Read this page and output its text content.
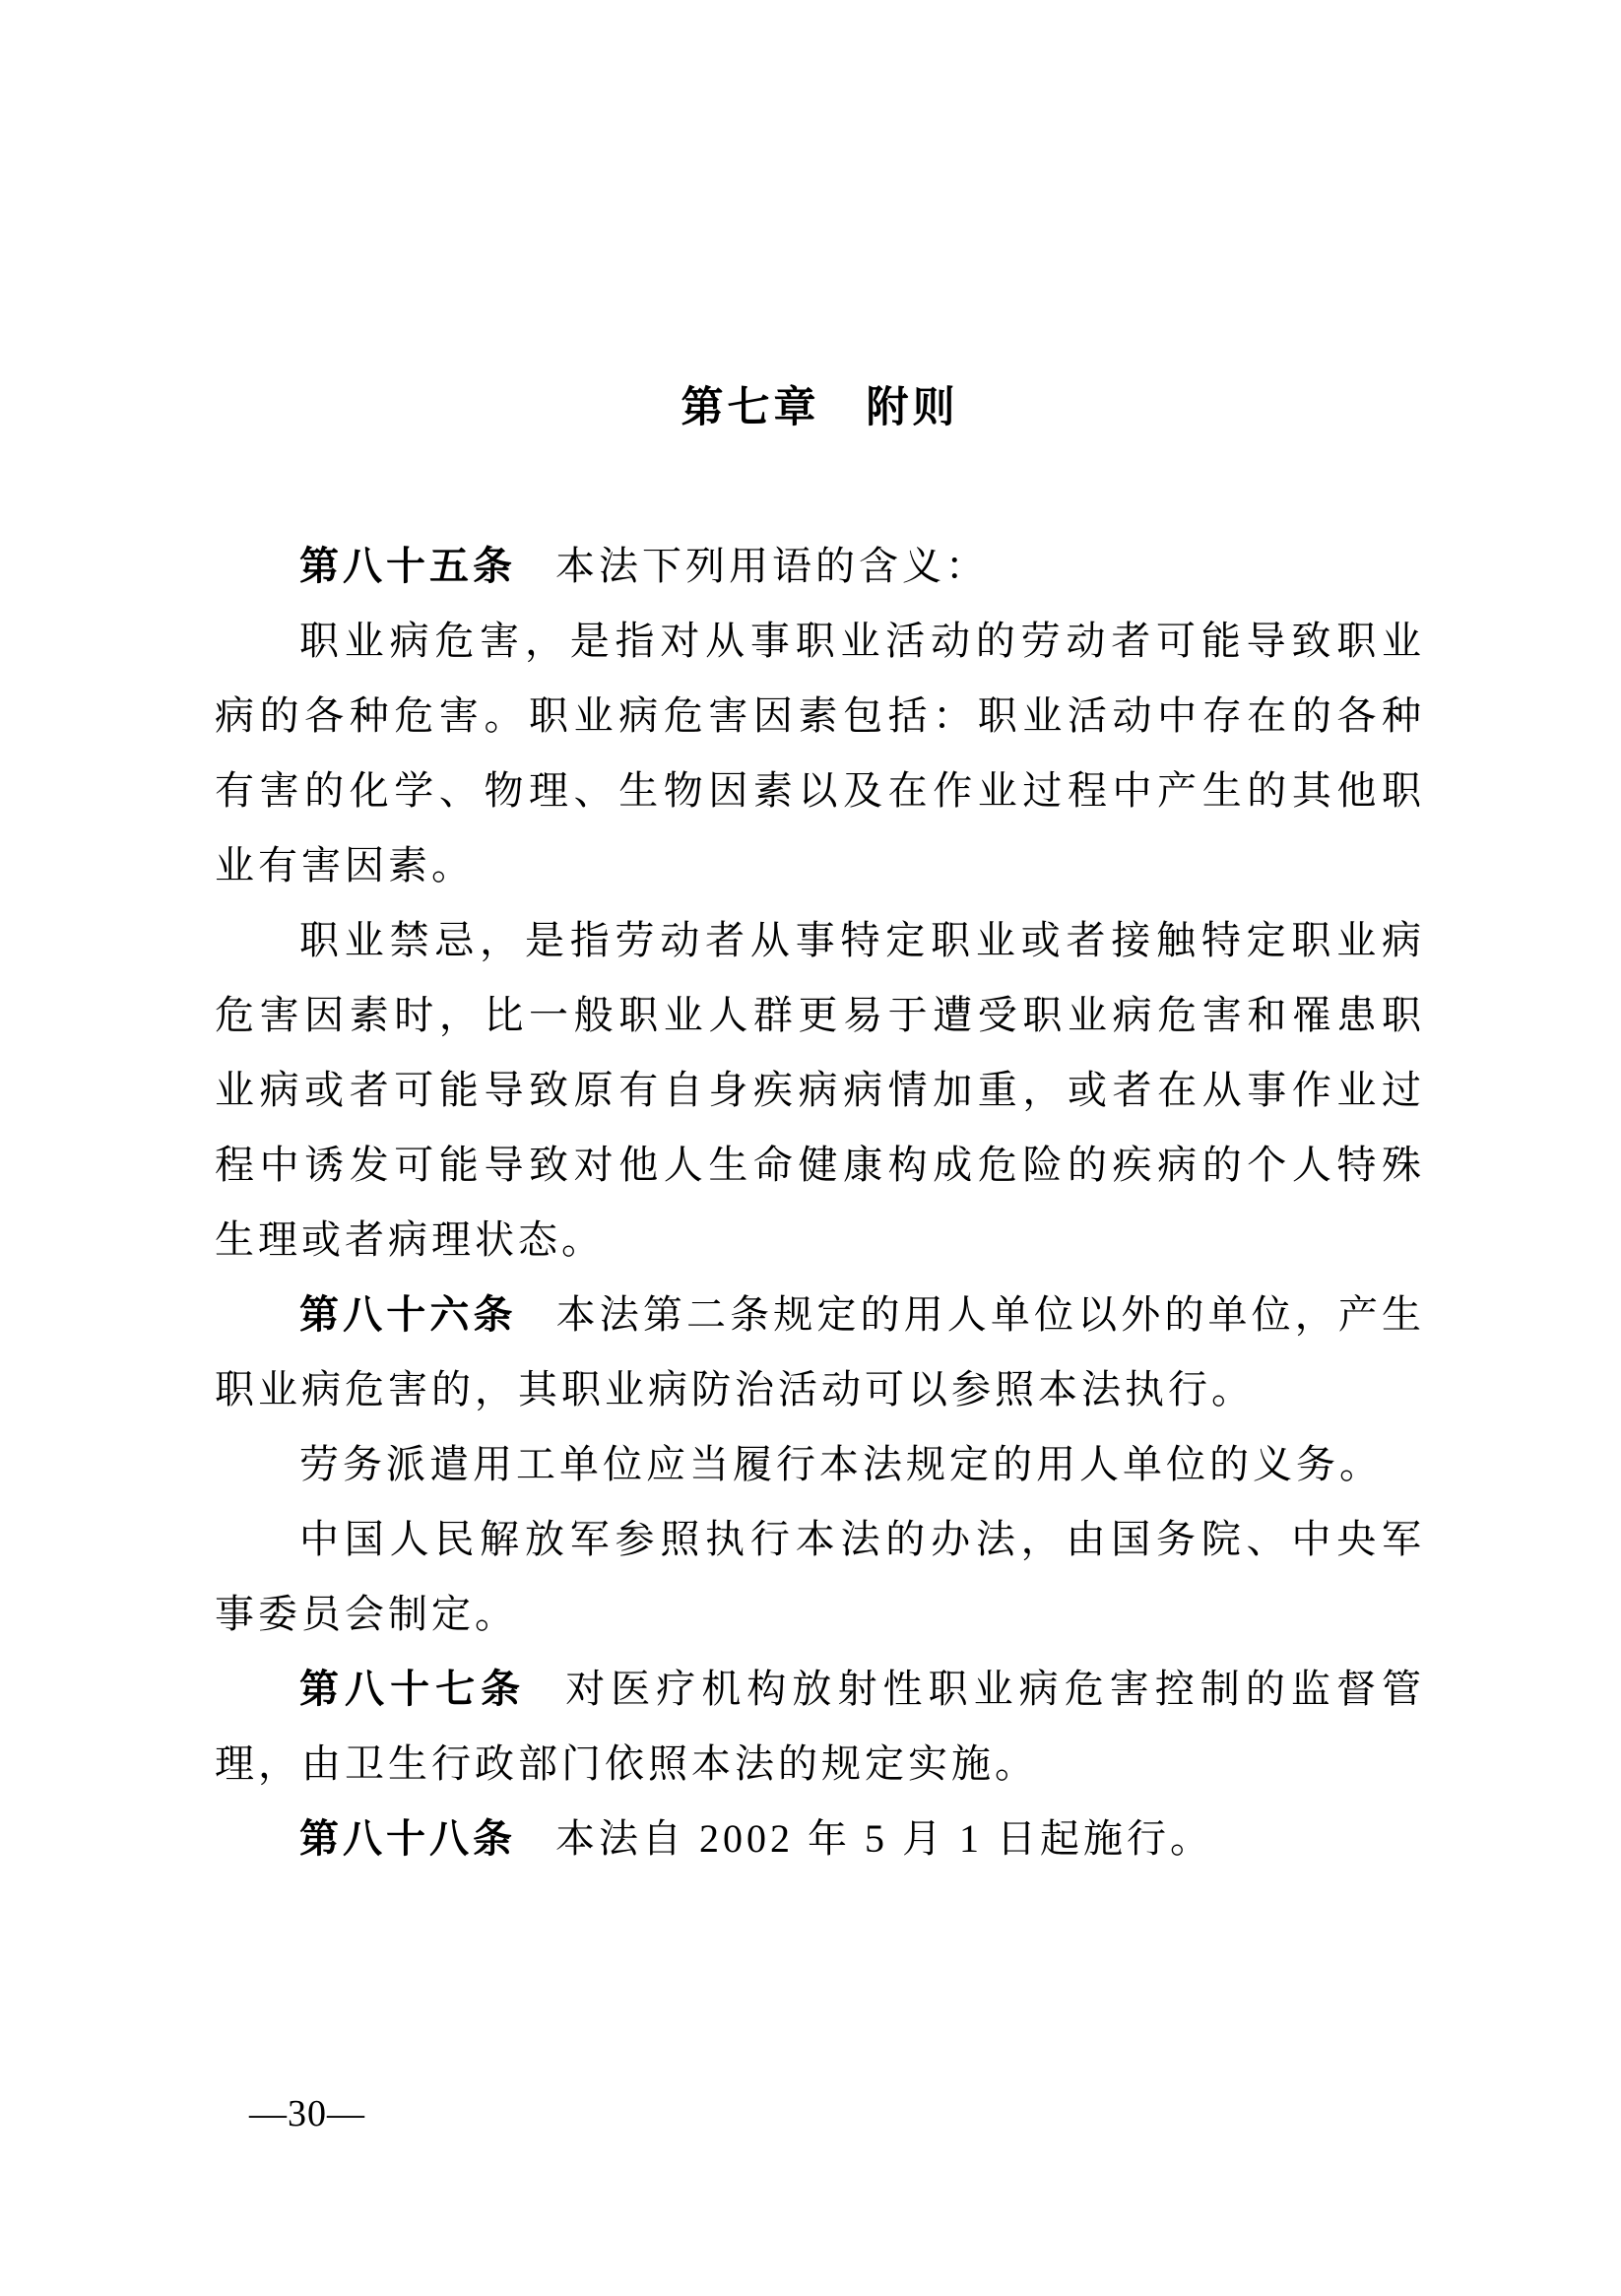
第七章　附则

第八十五条 本法下列用语的含义：

职业病危害，是指对从事职业活动的劳动者可能导致职业病的各种危害。职业病危害因素包括：职业活动中存在的各种有害的化学、物理、生物因素以及在作业过程中产生的其他职业有害因素。

职业禁忌，是指劳动者从事特定职业或者接触特定职业病危害因素时，比一般职业人群更易于遭受职业病危害和罹患职业病或者可能导致原有自身疾病病情加重，或者在从事作业过程中诱发可能导致对他人生命健康构成危险的疾病的个人特殊生理或者病理状态。

第八十六条 本法第二条规定的用人单位以外的单位，产生职业病危害的，其职业病防治活动可以参照本法执行。

劳务派遣用工单位应当履行本法规定的用人单位的义务。

中国人民解放军参照执行本法的办法，由国务院、中央军事委员会制定。

第八十七条 对医疗机构放射性职业病危害控制的监督管理，由卫生行政部门依照本法的规定实施。

第八十八条 本法自 2002 年 5 月 1 日起施行。

—30—
